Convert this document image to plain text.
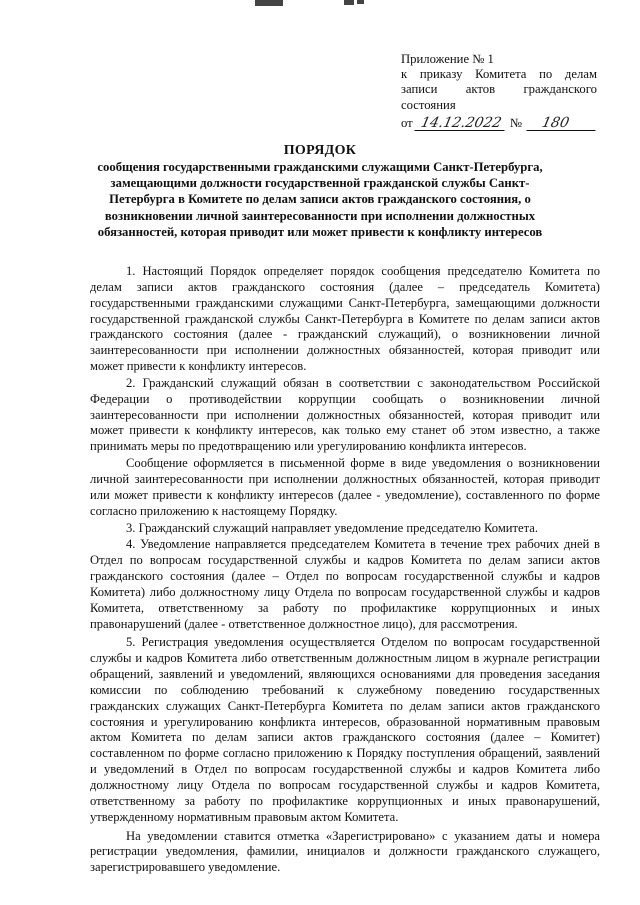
Приложение № 1
к приказу Комитета по делам записи актов гражданского состояния
от 14.12.2022 №	180
ПОРЯДОК
сообщения государственными гражданскими служащими Санкт-Петербурга, замещающими должности государственной гражданской службы Санкт-Петербурга в Комитете по делам записи актов гражданского состояния, о возникновении личной заинтересованности при исполнении должностных обязанностей, которая приводит или может привести к конфликту интересов

1. Настоящий Порядок определяет порядок сообщения председателю Комитета по делам записи актов гражданского состояния (далее – председатель Комитета) государственными гражданскими служащими Санкт-Петербурга, замещающими должности государственной гражданской службы Санкт-Петербурга в Комитете по делам записи актов гражданского состояния (далее - гражданский служащий), о возникновении личной заинтересованности при исполнении должностных обязанностей, которая приводит или может привести к конфликту интересов.

2. Гражданский служащий обязан в соответствии с законодательством Российской Федерации о противодействии коррупции сообщать о возникновении личной заинтересованности при исполнении должностных обязанностей, которая приводит или может привести к конфликту интересов, как только ему станет об этом известно, а также принимать меры по предотвращению или урегулированию конфликта интересов.

Сообщение оформляется в письменной форме в виде уведомления о возникновении личной заинтересованности при исполнении должностных обязанностей, которая приводит или может привести к конфликту интересов (далее - уведомление), составленного по форме согласно приложению к настоящему Порядку.

3. Гражданский служащий направляет уведомление председателю Комитета.

4. Уведомление направляется председателем Комитета в течение трех рабочих дней в Отдел по вопросам государственной службы и кадров Комитета по делам записи актов гражданского состояния (далее – Отдел по вопросам государственной службы и кадров Комитета) либо должностному лицу Отдела по вопросам государственной службы и кадров Комитета, ответственному за работу по профилактике коррупционных и иных правонарушений (далее - ответственное должностное лицо), для рассмотрения.

5. Регистрация уведомления осуществляется Отделом по вопросам государственной службы и кадров Комитета либо ответственным должностным лицом в журнале регистрации обращений, заявлений и уведомлений, являющихся основаниями для проведения заседания комиссии по соблюдению требований к служебному поведению государственных гражданских служащих Санкт-Петербурга Комитета по делам записи актов гражданского состояния и урегулированию конфликта интересов, образованной нормативным правовым актом Комитета по делам записи актов гражданского состояния (далее – Комитет) составленном по форме согласно приложению к Порядку поступления обращений, заявлений и уведомлений в Отдел по вопросам государственной службы и кадров Комитета либо должностному лицу Отдела по вопросам государственной службы и кадров Комитета, ответственному за работу по профилактике коррупционных и иных правонарушений, утвержденному нормативным правовым актом Комитета.

На уведомлении ставится отметка «Зарегистрировано» с указанием даты и номера регистрации уведомления, фамилии, инициалов и должности гражданского служащего, зарегистрировавшего уведомление.
